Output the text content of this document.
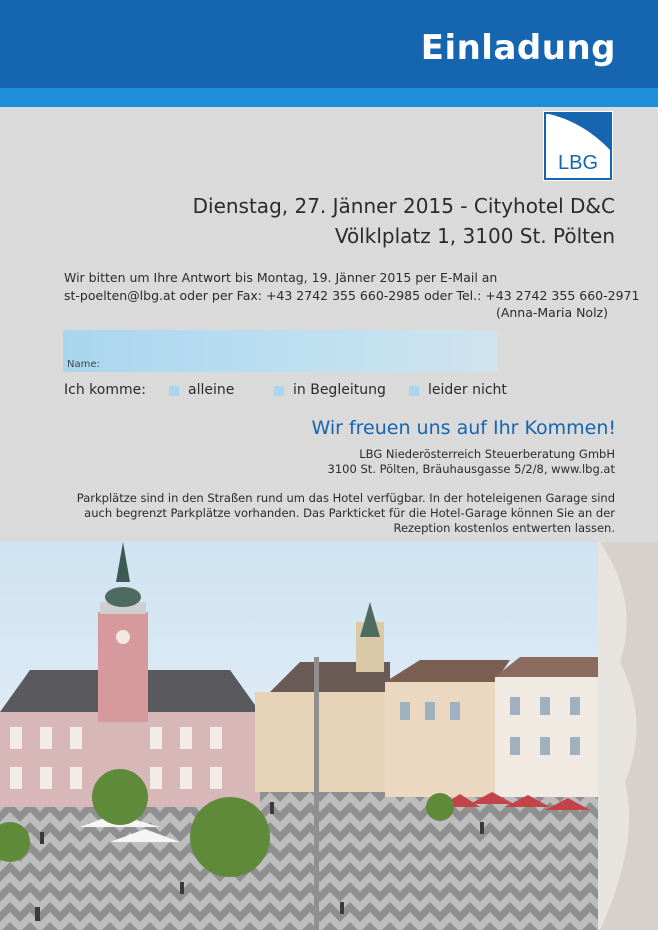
Einladung
LBG
Dienstag, 27. Jänner 2015 - Cityhotel D&C
Völklplatz 1, 3100 St. Pölten
Wir bitten um Ihre Antwort bis Montag, 19. Jänner 2015 per E-Mail an
st-poelten@lbg.at oder per Fax: +43 2742 355 660-2985 oder Tel.: +43 2742 355 660-2971
(Anna-Maria Nolz)
Name:
Ich komme:	alleine	in Begleitung	leider nicht
Wir freuen uns auf Ihr Kommen!
LBG Niederösterreich Steuerberatung GmbH
3100 St. Pölten, Bräuhausgasse 5/2/8, www.lbg.at
Parkplätze sind in den Straßen rund um das Hotel verfügbar. In der hoteleigenen Garage sind
auch begrenzt Parkplätze vorhanden. Das Parkticket für die Hotel-Garage können Sie an der
Rezeption kostenlos entwerten lassen.
